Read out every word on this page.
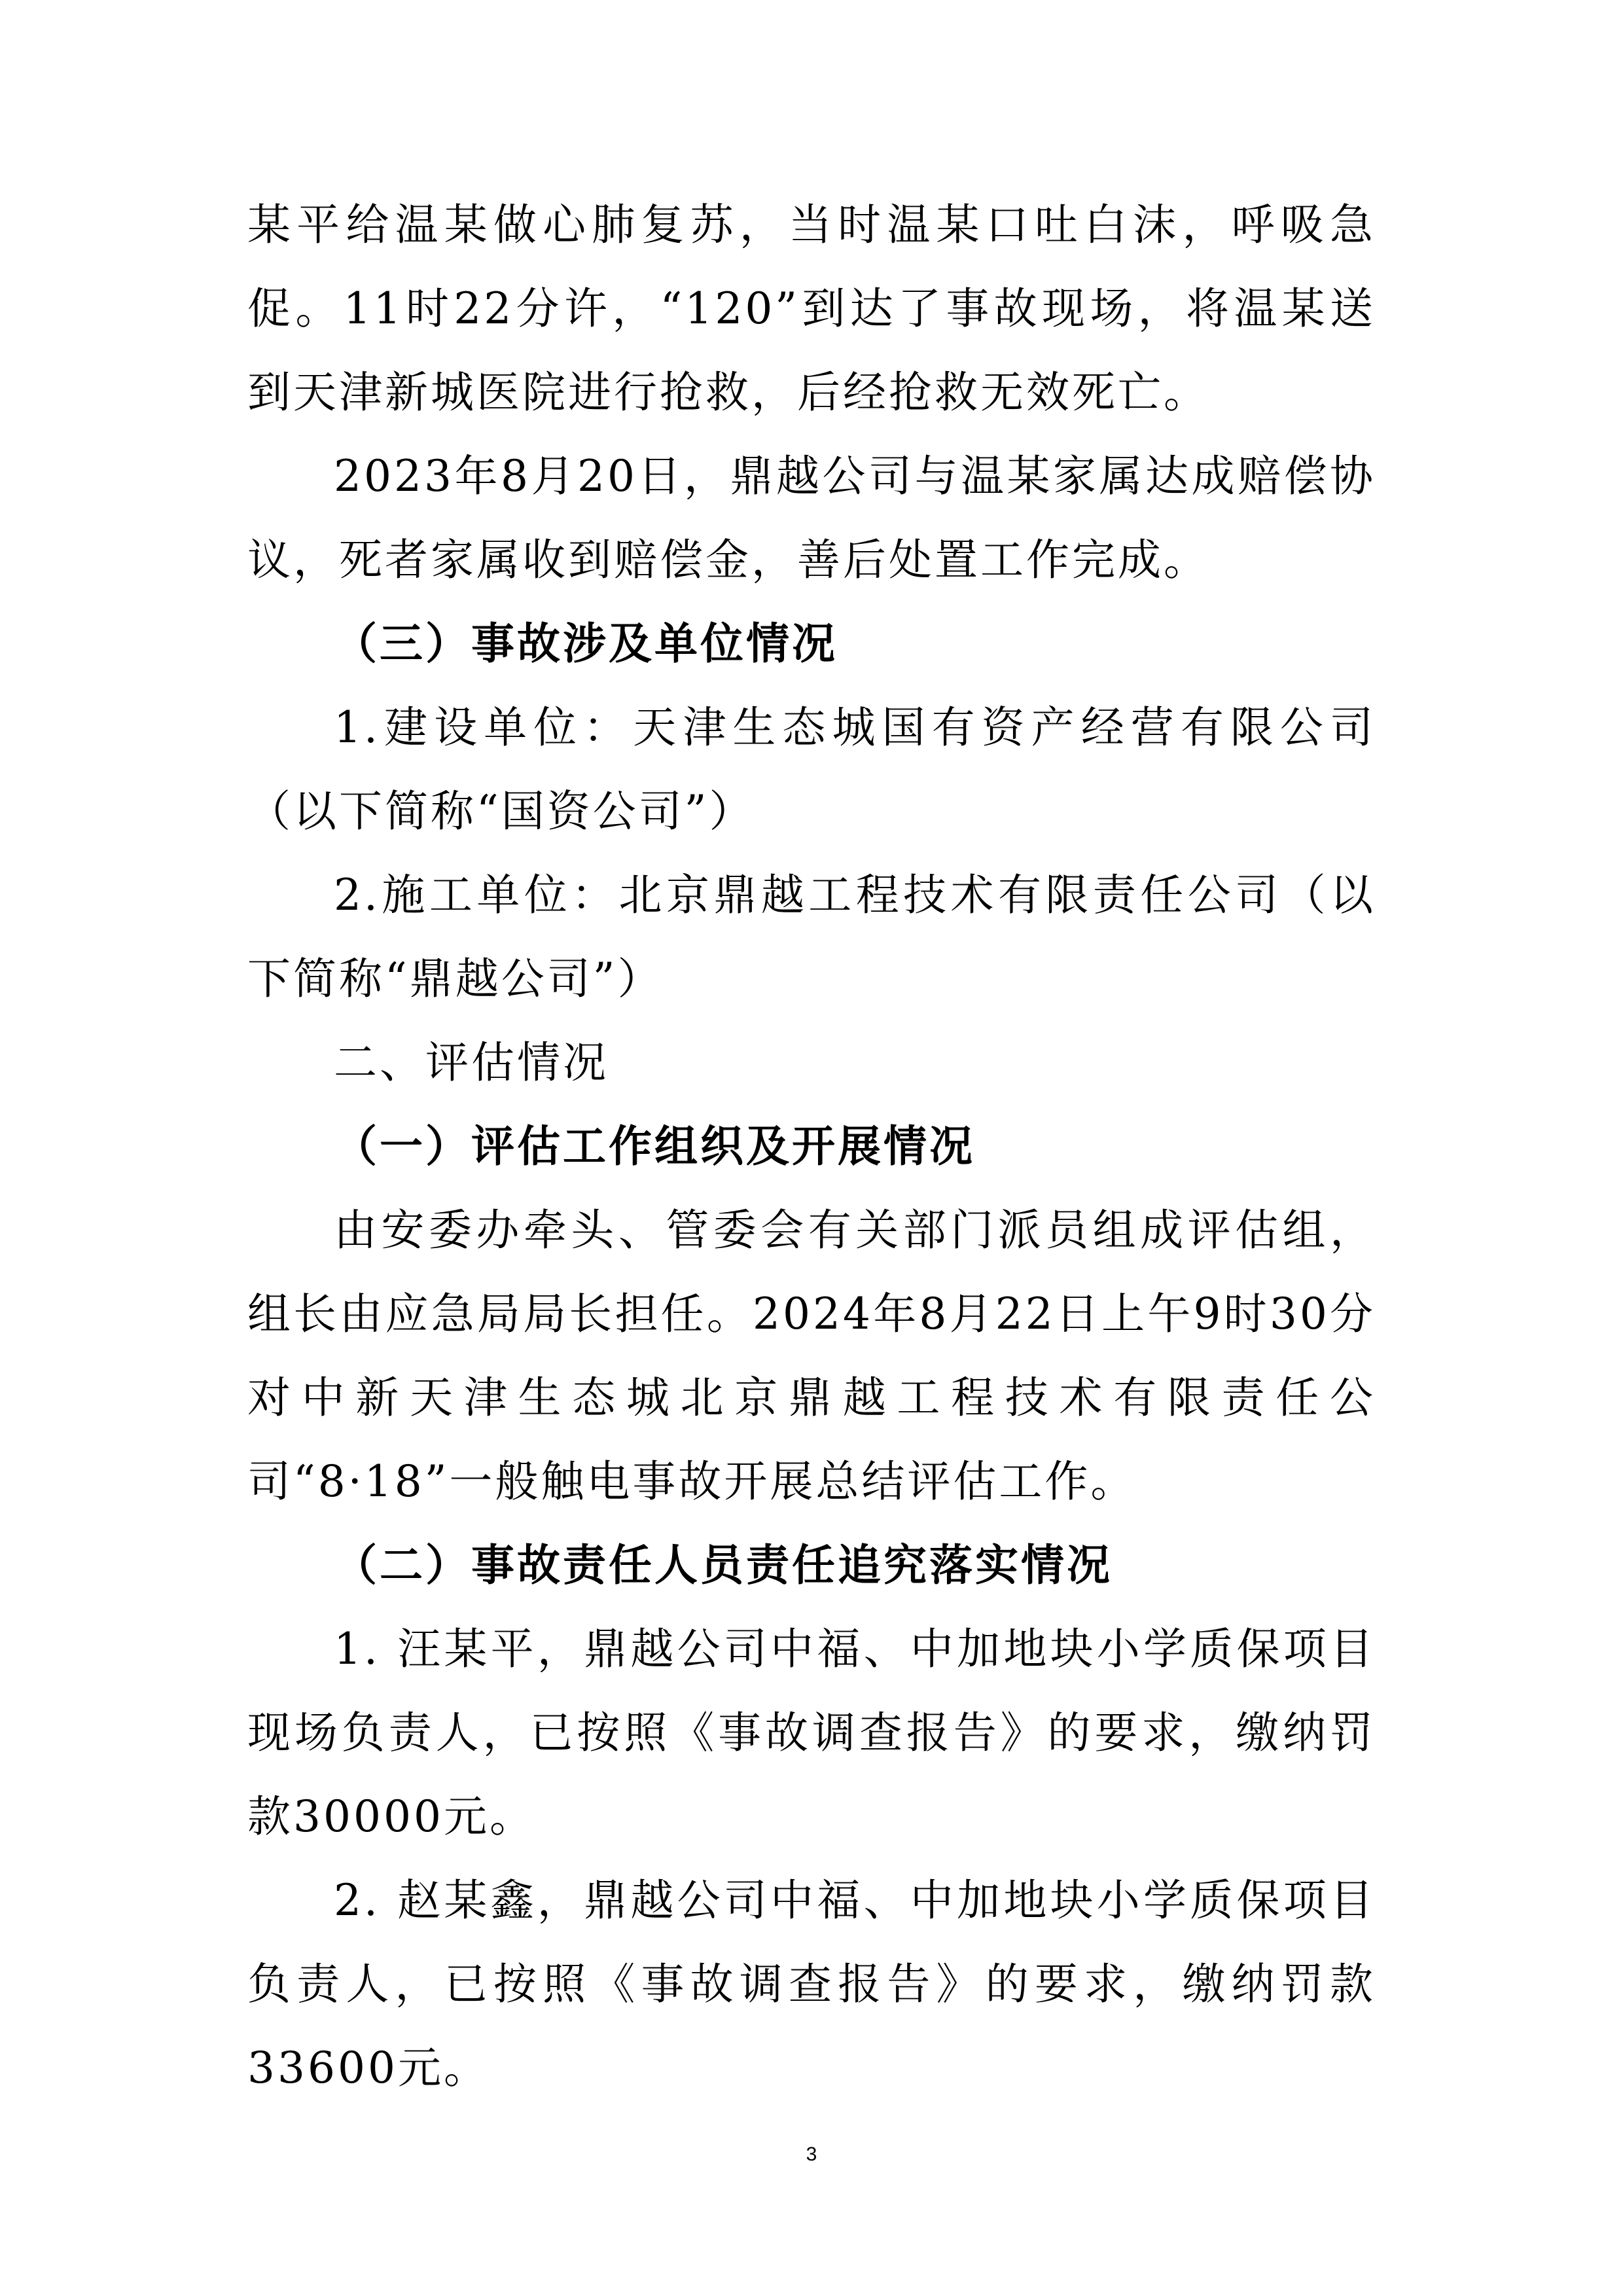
某平给温某做心肺复苏，当时温某口吐白沫，呼吸急促。11时22分许，“120”到达了事故现场，将温某送到天津新城医院进行抢救，后经抢救无效死亡。

2023年8月20日，鼎越公司与温某家属达成赔偿协议，死者家属收到赔偿金，善后处置工作完成。

（三）事故涉及单位情况

1.建设单位：天津生态城国有资产经营有限公司（以下简称“国资公司”）

2.施工单位：北京鼎越工程技术有限责任公司（以下简称“鼎越公司”）

二、评估情况

（一）评估工作组织及开展情况

由安委办牵头、管委会有关部门派员组成评估组，组长由应急局局长担任。2024年8月22日上午9时30分对中新天津生态城北京鼎越工程技术有限责任公司“8·18”一般触电事故开展总结评估工作。

（二）事故责任人员责任追究落实情况

1. 汪某平，鼎越公司中福、中加地块小学质保项目现场负责人，已按照《事故调查报告》的要求，缴纳罚款30000元。

2. 赵某鑫，鼎越公司中福、中加地块小学质保项目负责人，已按照《事故调查报告》的要求，缴纳罚款33600元。

3
